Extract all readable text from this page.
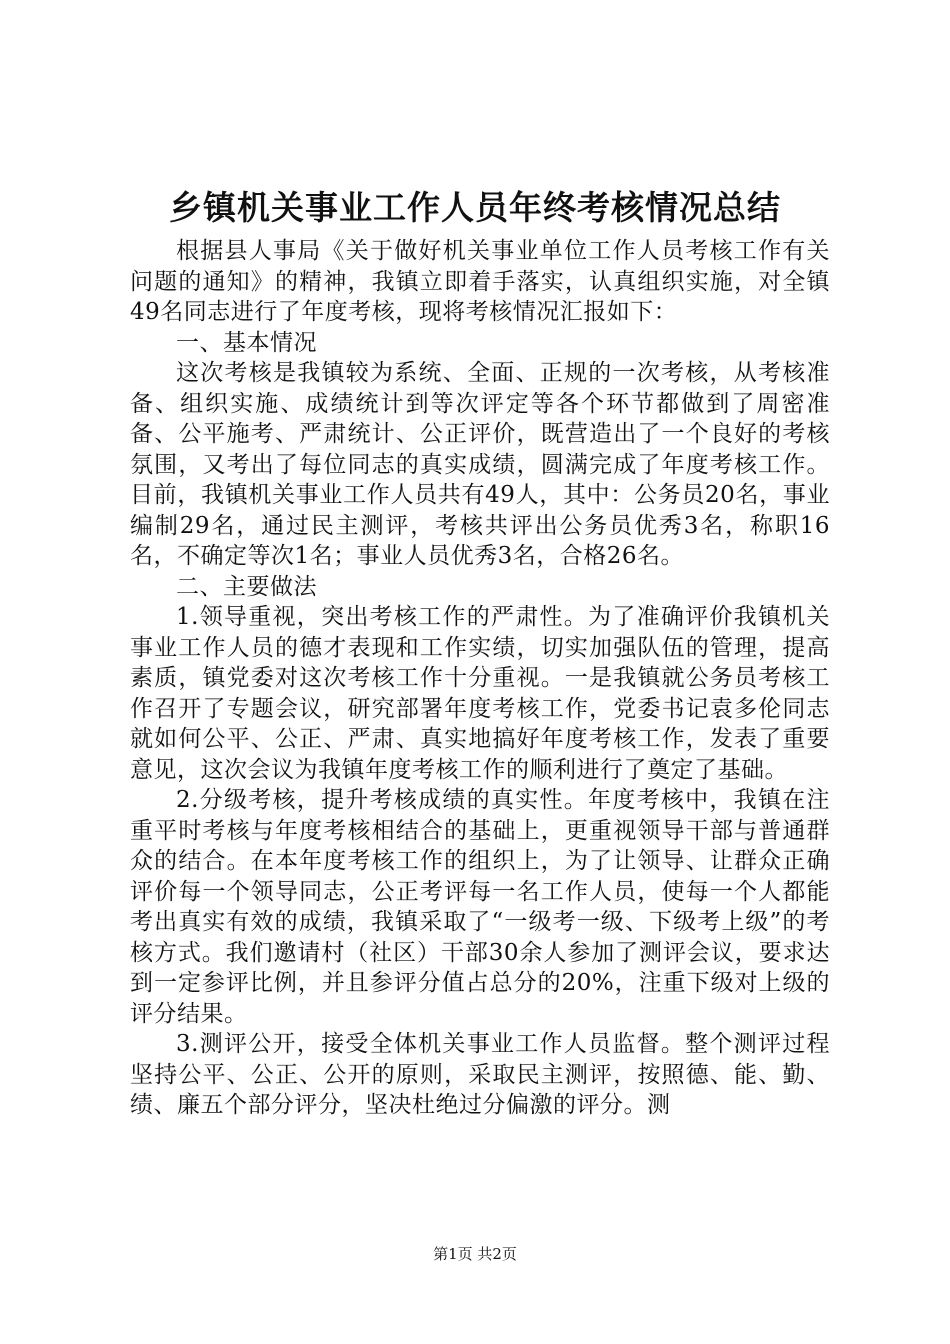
乡镇机关事业工作人员年终考核情况总结

根据县人事局《关于做好机关事业单位工作人员考核工作有关问题的通知》的精神，我镇立即着手落实，认真组织实施，对全镇49名同志进行了年度考核，现将考核情况汇报如下：

一、基本情况

这次考核是我镇较为系统、全面、正规的一次考核，从考核准备、组织实施、成绩统计到等次评定等各个环节都做到了周密准备、公平施考、严肃统计、公正评价，既营造出了一个良好的考核氛围，又考出了每位同志的真实成绩，圆满完成了年度考核工作。目前，我镇机关事业工作人员共有49人，其中：公务员20名，事业编制29名，通过民主测评，考核共评出公务员优秀3名，称职16名，不确定等次1名；事业人员优秀3名，合格26名。

二、主要做法

1.领导重视，突出考核工作的严肃性。为了准确评价我镇机关事业工作人员的德才表现和工作实绩，切实加强队伍的管理，提高素质，镇党委对这次考核工作十分重视。一是我镇就公务员考核工作召开了专题会议，研究部署年度考核工作，党委书记袁多伦同志就如何公平、公正、严肃、真实地搞好年度考核工作，发表了重要意见，这次会议为我镇年度考核工作的顺利进行了奠定了基础。

2.分级考核，提升考核成绩的真实性。年度考核中，我镇在注重平时考核与年度考核相结合的基础上，更重视领导干部与普通群众的结合。在本年度考核工作的组织上，为了让领导、让群众正确评价每一个领导同志，公正考评每一名工作人员，使每一个人都能考出真实有效的成绩，我镇采取了“一级考一级、下级考上级”的考核方式。我们邀请村（社区）干部30余人参加了测评会议，要求达到一定参评比例，并且参评分值占总分的20%，注重下级对上级的评分结果。

3.测评公开，接受全体机关事业工作人员监督。整个测评过程坚持公平、公正、公开的原则，采取民主测评，按照德、能、勤、绩、廉五个部分评分，坚决杜绝过分偏激的评分。测

第1页 共2页
